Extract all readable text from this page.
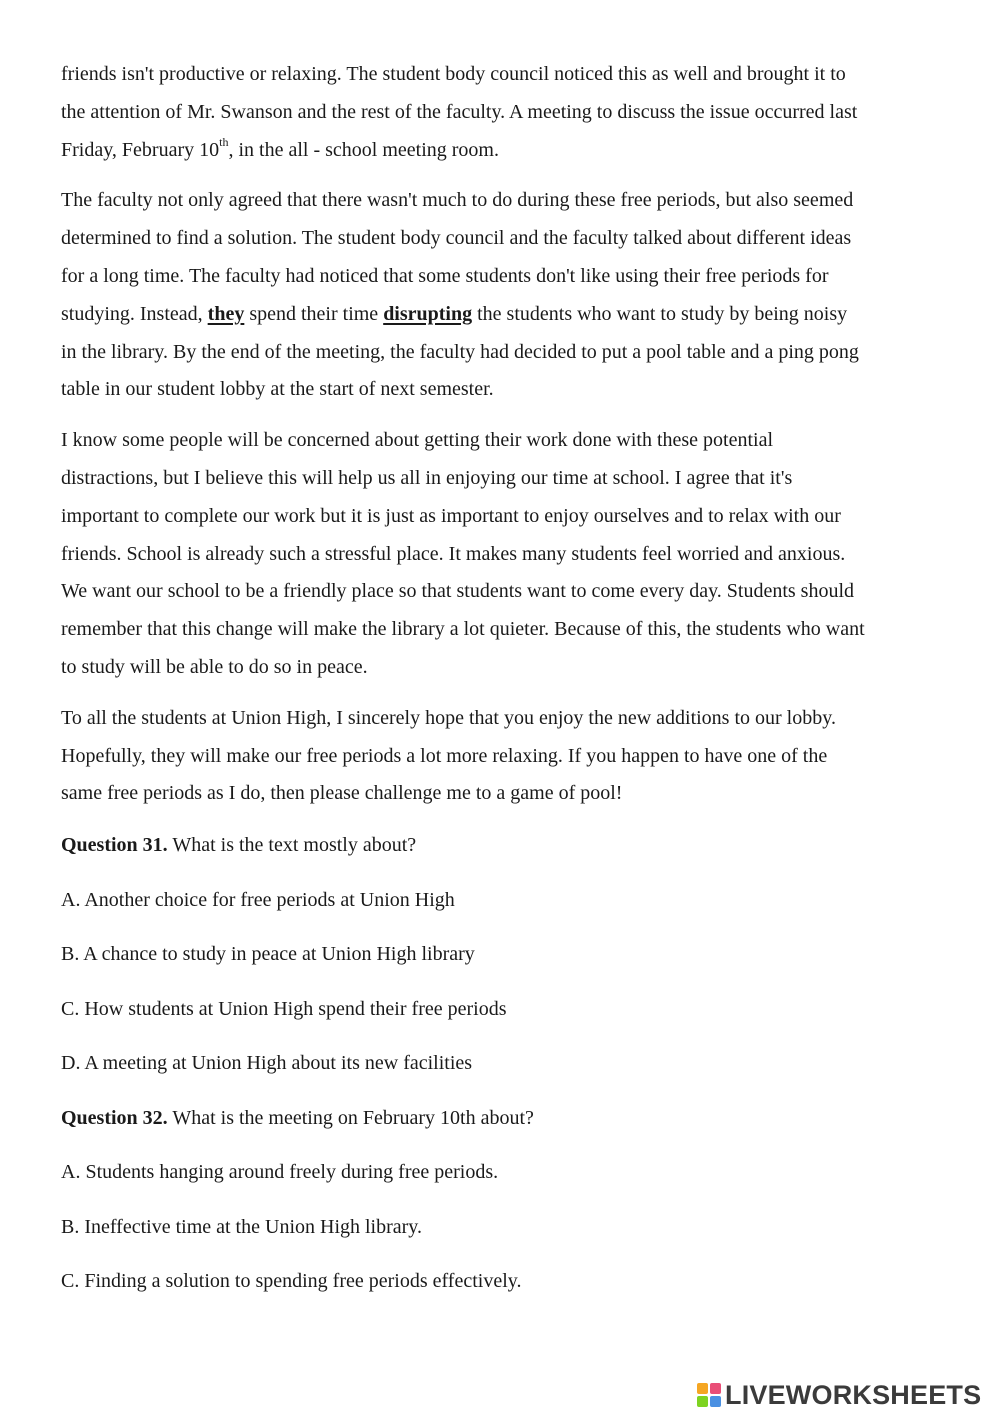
friends isn't productive or relaxing. The student body council noticed this as well and brought it to
the attention of Mr. Swanson and the rest of the faculty. A meeting to discuss the issue occurred last
Friday, February 10th, in the all - school meeting room.

The faculty not only agreed that there wasn't much to do during these free periods, but also seemed
determined to find a solution. The student body council and the faculty talked about different ideas
for a long time. The faculty had noticed that some students don't like using their free periods for
studying. Instead, they spend their time disrupting the students who want to study by being noisy
in the library. By the end of the meeting, the faculty had decided to put a pool table and a ping pong
table in our student lobby at the start of next semester.

I know some people will be concerned about getting their work done with these potential
distractions, but I believe this will help us all in enjoying our time at school. I agree that it's
important to complete our work but it is just as important to enjoy ourselves and to relax with our
friends. School is already such a stressful place. It makes many students feel worried and anxious.
We want our school to be a friendly place so that students want to come every day. Students should
remember that this change will make the library a lot quieter. Because of this, the students who want
to study will be able to do so in peace.

To all the students at Union High, I sincerely hope that you enjoy the new additions to our lobby.
Hopefully, they will make our free periods a lot more relaxing. If you happen to have one of the
same free periods as I do, then please challenge me to a game of pool!

Question 31. What is the text mostly about?
A. Another choice for free periods at Union High
B. A chance to study in peace at Union High library
C. How students at Union High spend their free periods
D. A meeting at Union High about its new facilities
Question 32. What is the meeting on February 10th about?
A. Students hanging around freely during free periods.
B. Ineffective time at the Union High library.
C. Finding a solution to spending free periods effectively.
LIVEWORKSHEETS
